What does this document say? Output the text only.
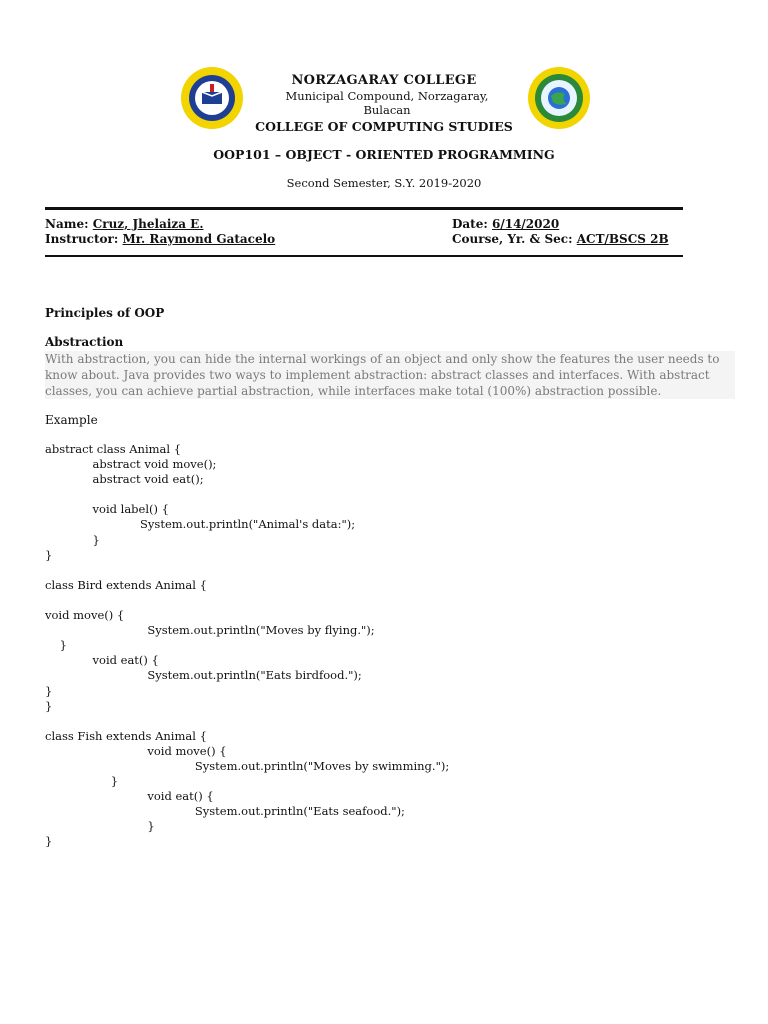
NORZAGARAY COLLEGE
Municipal Compound, Norzagaray, Bulacan
COLLEGE OF COMPUTING STUDIES
OOP101 – OBJECT - ORIENTED PROGRAMMING
Second Semester, S.Y. 2019-2020
Name: Cruz, Jhelaiza E.
Instructor: Mr. Raymond Gatacelo
Date: 6/14/2020
Course, Yr. & Sec: ACT/BSCS 2B
Principles of OOP
Abstraction
With abstraction, you can hide the internal workings of an object and only show the features the user needs to know about. Java provides two ways to implement abstraction: abstract classes and interfaces. With abstract classes, you can achieve partial abstraction, while interfaces make total (100%) abstraction possible.
Example
abstract class Animal {
abstract void move();
abstract void eat();

void label() {
System.out.println("Animal's data:");
}
}

class Bird extends Animal {

void move() {
System.out.println("Moves by flying.");
}
void eat() {
System.out.println("Eats birdfood.");
}
}

class Fish extends Animal {
void move() {
System.out.println("Moves by swimming.");
}
void eat() {
System.out.println("Eats seafood.");
}
}
